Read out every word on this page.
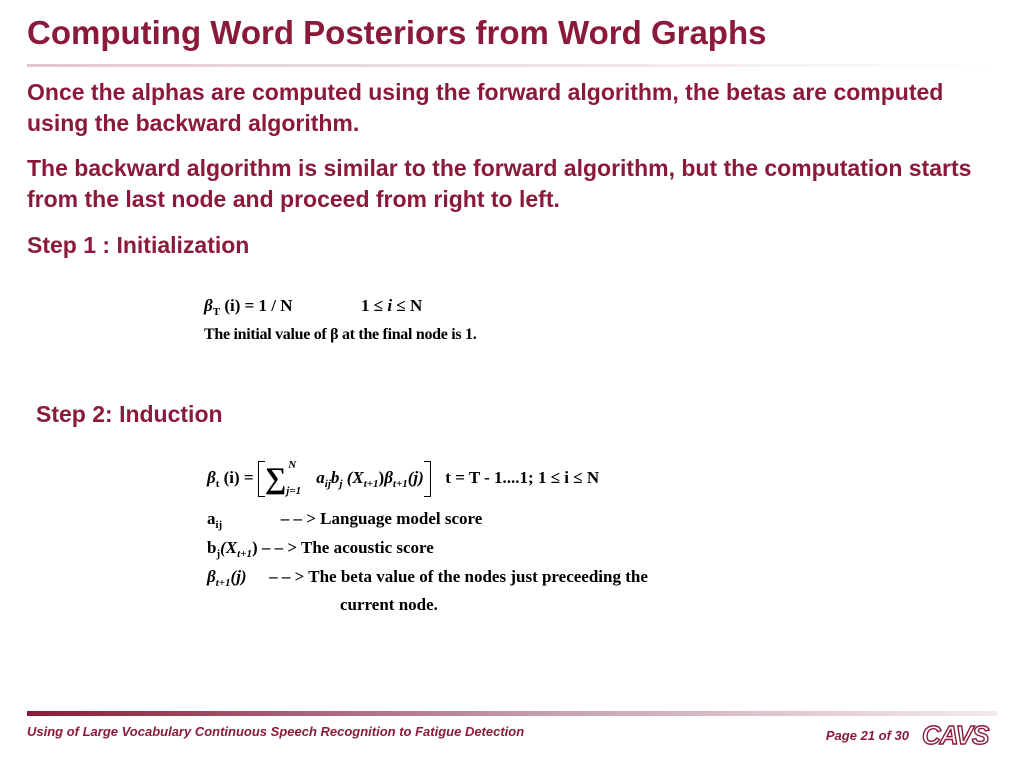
Computing Word Posteriors from Word Graphs

Once the alphas are computed using the forward algorithm, the betas are computed using the backward algorithm.

The backward algorithm is similar to the forward algorithm, but the computation starts from the last node and proceed from right to left.

Step 1 : Initialization

$\beta_T$ (i) = 1 / N	1 ≤ i ≤ N
The initial value of β at the final node is 1.

Step 2: Induction

$\beta_t$ (i) = ∑ N
j=1
$a_{ij}b_j$ $(X_{t+1})\beta_{t+1}(j) t = T - 1....1$; 1 ≤ i ≤ N
$a_{ij}$	– – > Language model score
$b_j(X_{t+1})$ – – > The acoustic score
$\beta_{t+1}(j)$ – – > The beta value of the nodes just preceeding the
current node.
Using of Large Vocabulary Continuous Speech Recognition to Fatigue Detection	Page 21 of 30 CAVS
